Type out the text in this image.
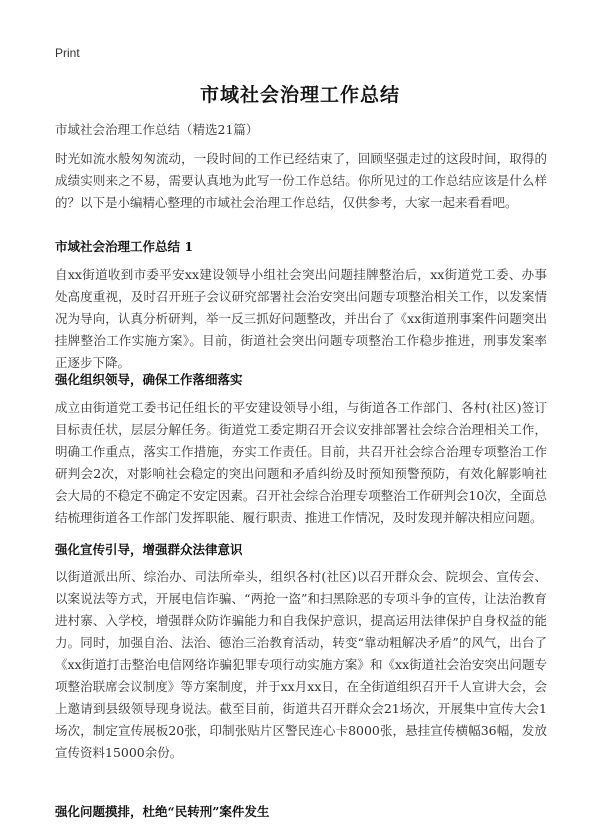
Print
市域社会治理工作总结

市域社会治理工作总结（精选21篇）

时光如流水般匆匆流动，一段时间的工作已经结束了，回顾坚强走过的这段时间，取得的成绩实则来之不易，需要认真地为此写一份工作总结。你所见过的工作总结应该是什么样的？以下是小编精心整理的市域社会治理工作总结，仅供参考，大家一起来看看吧。

市域社会治理工作总结 1

自xx街道收到市委平安xx建设领导小组社会突出问题挂牌整治后，xx街道党工委、办事处高度重视，及时召开班子会议研究部署社会治安突出问题专项整治相关工作，以发案情况为导向，认真分析研判，举一反三抓好问题整改，并出台了《xx街道刑事案件问题突出挂牌整治工作实施方案》。目前，街道社会突出问题专项整治工作稳步推进，刑事发案率正逐步下降。

强化组织领导，确保工作落细落实

成立由街道党工委书记任组长的平安建设领导小组，与街道各工作部门、各村(社区)签订目标责任状，层层分解任务。街道党工委定期召开会议安排部署社会综合治理相关工作，明确工作重点，落实工作措施，夯实工作责任。目前，共召开社会综合治理专项整治工作研判会2次，对影响社会稳定的突出问题和矛盾纠纷及时预知预警预防，有效化解影响社会大局的不稳定不确定不安定因素。召开社会综合治理专项整治工作研判会10次，全面总结梳理街道各工作部门发挥职能、履行职责、推进工作情况，及时发现并解决相应问题。

强化宣传引导，增强群众法律意识

以街道派出所、综治办、司法所牵头，组织各村(社区)以召开群众会、院坝会、宣传会、以案说法等方式，开展电信诈骗、“两抢一盗”和扫黑除恶的专项斗争的宣传，让法治教育进村寨、入学校，增强群众防诈骗能力和自我保护意识，提高运用法律保护自身权益的能力。同时，加强自治、法治、德治三治教育活动，转变“靠动粗解决矛盾”的风气，出台了《xx街道打击整治电信网络诈骗犯罪专项行动实施方案》和《xx街道社会治安突出问题专项整治联席会议制度》等方案制度，并于xx月xx日，在全街道组织召开千人宣讲大会，会上邀请到县级领导现身说法。截至目前，街道共召开群众会21场次，开展集中宣传大会1场次，制定宣传展板20张，印制张贴片区警民连心卡8000张，悬挂宣传横幅36幅，发放宣传资料15000余份。

强化问题摸排，杜绝“民转刑”案件发生
